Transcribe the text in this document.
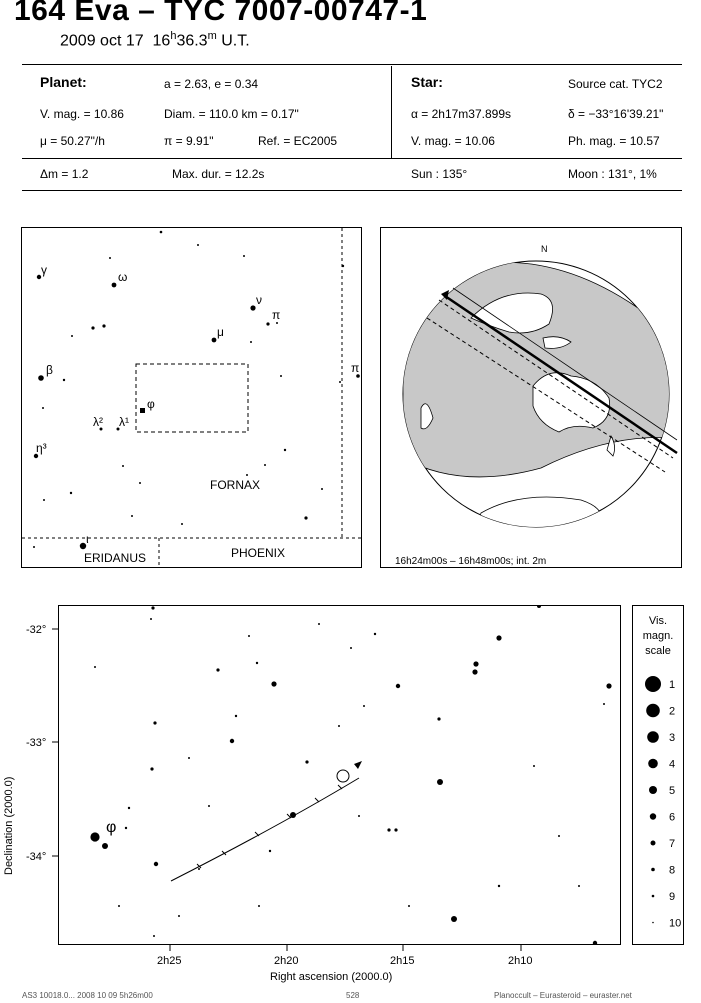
164 Eva – TYC 7007-00747-1
2009 oct 17 16$^h$36.3$^m$ U.T.
Planet:	a = 2.63, e = 0.34
V. mag. = 10.86	Diam. = 110.0 km = 0.17"
μ = 50.27"/h	π = 9.91"	Ref. = EC2005
Δm = 1.2	Max. dur. = 12.2s
Star:	Source cat. TYC2
α = 2h17m37.899s	δ = −33°16'39.21"
V. mag. = 10.06	Ph. mag. = 10.57
Sun : 135°	Moon : 131°, 1%
γ	ω
ν
π
μ
β
φ
λ² λ¹
η³
ι
π
FORNAX
ERIDANUS	PHOENIX
N
16h24m00s – 16h48m00s; int. 2m
φ
-32°
-33°
-34°
2h25	2h20	2h15	2h10
Right ascension (2000.0)
Declination (2000.0)
Vis.
magn.
scale
1
2
3
4
5
6
7
8
9
10
AS3 10018.0... 2008 10 09 5h26m00	528	Planoccult – Eurasteroid – euraster.net
